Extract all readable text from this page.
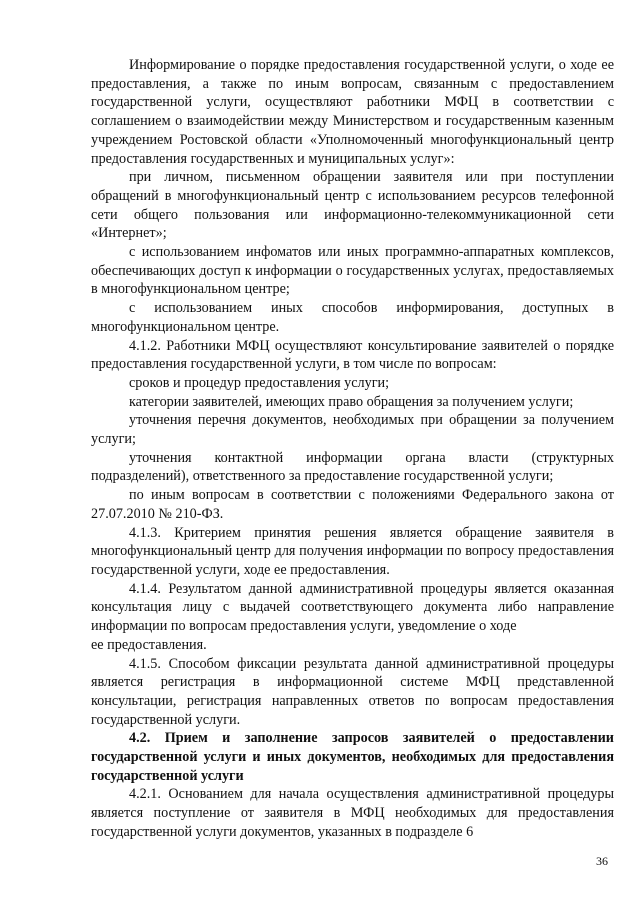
Информирование о порядке предоставления государственной услуги, о ходе ее предоставления, а также по иным вопросам, связанным с предоставлением государственной услуги, осуществляют работники МФЦ в соответствии с соглашением о взаимодействии между Министерством и государственным казенным учреждением Ростовской области «Уполномоченный многофункциональный центр предоставления государственных и муниципальных услуг»:

при личном, письменном обращении заявителя или при поступлении обращений в многофункциональный центр с использованием ресурсов телефонной сети общего пользования или информационно-телекоммуникационной сети «Интернет»;

с использованием инфоматов или иных программно-аппаратных комплексов, обеспечивающих доступ к информации о государственных услугах, предоставляемых в многофункциональном центре;

с использованием иных способов информирования, доступных в многофункциональном центре.

4.1.2. Работники МФЦ осуществляют консультирование заявителей о порядке предоставления государственной услуги, в том числе по вопросам:

сроков и процедур предоставления услуги;

категории заявителей, имеющих право обращения за получением услуги;

уточнения перечня документов, необходимых при обращении за получением услуги;

уточнения контактной информации органа власти (структурных подразделений), ответственного за предоставление государственной услуги;

по иным вопросам в соответствии с положениями Федерального закона от 27.07.2010 № 210-ФЗ.

4.1.3. Критерием принятия решения является обращение заявителя в многофункциональный центр для получения информации по вопросу предоставления государственной услуги, ходе ее предоставления.

4.1.4. Результатом данной административной процедуры является оказанная консультация лицу с выдачей соответствующего документа либо направление информации по вопросам предоставления услуги, уведомление о ходе

ее предоставления.

4.1.5. Способом фиксации результата данной административной процедуры является регистрация в информационной системе МФЦ представленной консультации, регистрация направленных ответов по вопросам предоставления государственной услуги.

4.2. Прием и заполнение запросов заявителей о предоставлении государственной услуги и иных документов, необходимых для предоставления государственной услуги

4.2.1. Основанием для начала осуществления административной процедуры является поступление от заявителя в МФЦ необходимых для предоставления государственной услуги документов, указанных в подразделе 6

36
